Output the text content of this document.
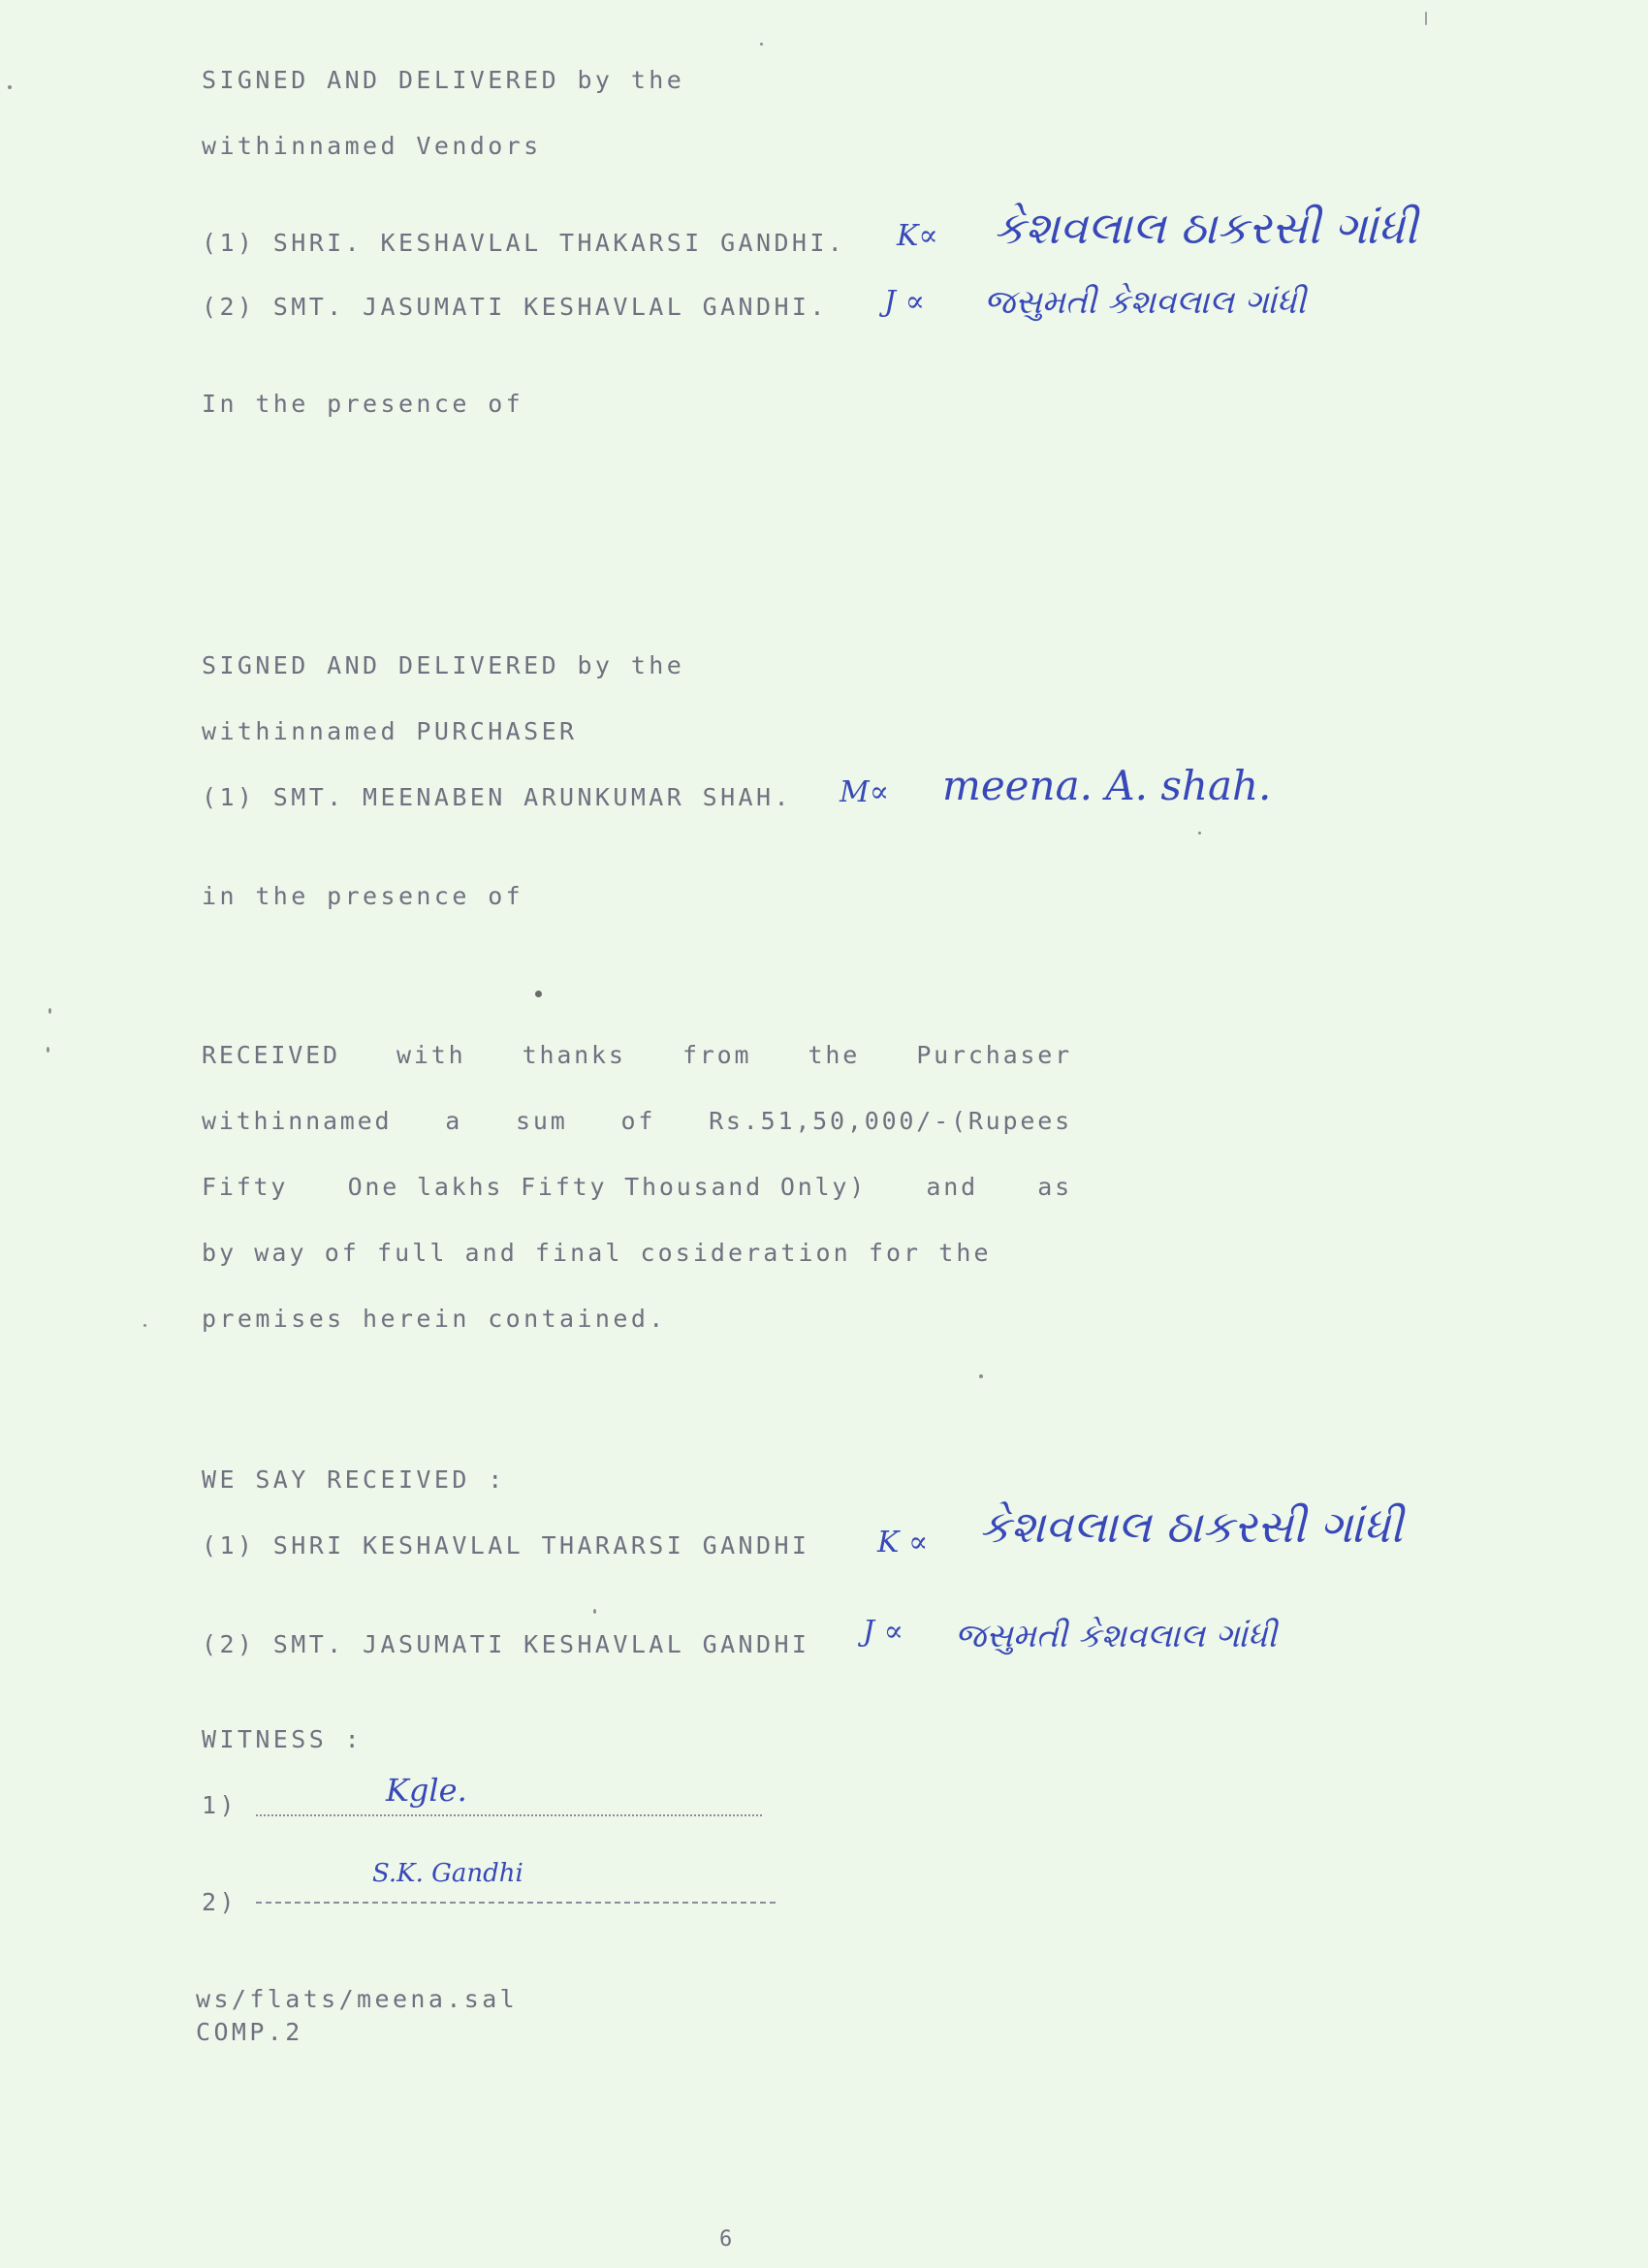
SIGNED AND DELIVERED by the
withinnamed Vendors
(1) SHRI. KESHAVLAL THAKARSI GANDHI.
(2) SMT. JASUMATI KESHAVLAL GANDHI.
In the presence of
K∝ કેશવલાલ ઠાકરસી ગાંધી
J ∝ જસુમતી કેશવલાલ ગાંધી
SIGNED AND DELIVERED by the
withinnamed PURCHASER
(1) SMT. MEENABEN ARUNKUMAR SHAH. M∝ meena. A. shah.
in the presence of
RECEIVED with thanks from the Purchaser
withinnamed a sum of Rs.51,50,000/-(Rupees
Fifty One lakhs Fifty Thousand Only) and as
by way of full and final cosideration for the
premises herein contained.
WE SAY RECEIVED :
(1) SHRI KESHAVLAL THARARSI GANDHI K ∝ કેશવલાલ ઠાકરસી ગાંધી
(2) SMT. JASUMATI KESHAVLAL GANDHI J ∝ જસુમતી કેશવલાલ ગાંધી
WITNESS :
1)	Kgle.
2)
S.K. Gandhi
ws/flats/meena.sal
COMP.2
6
